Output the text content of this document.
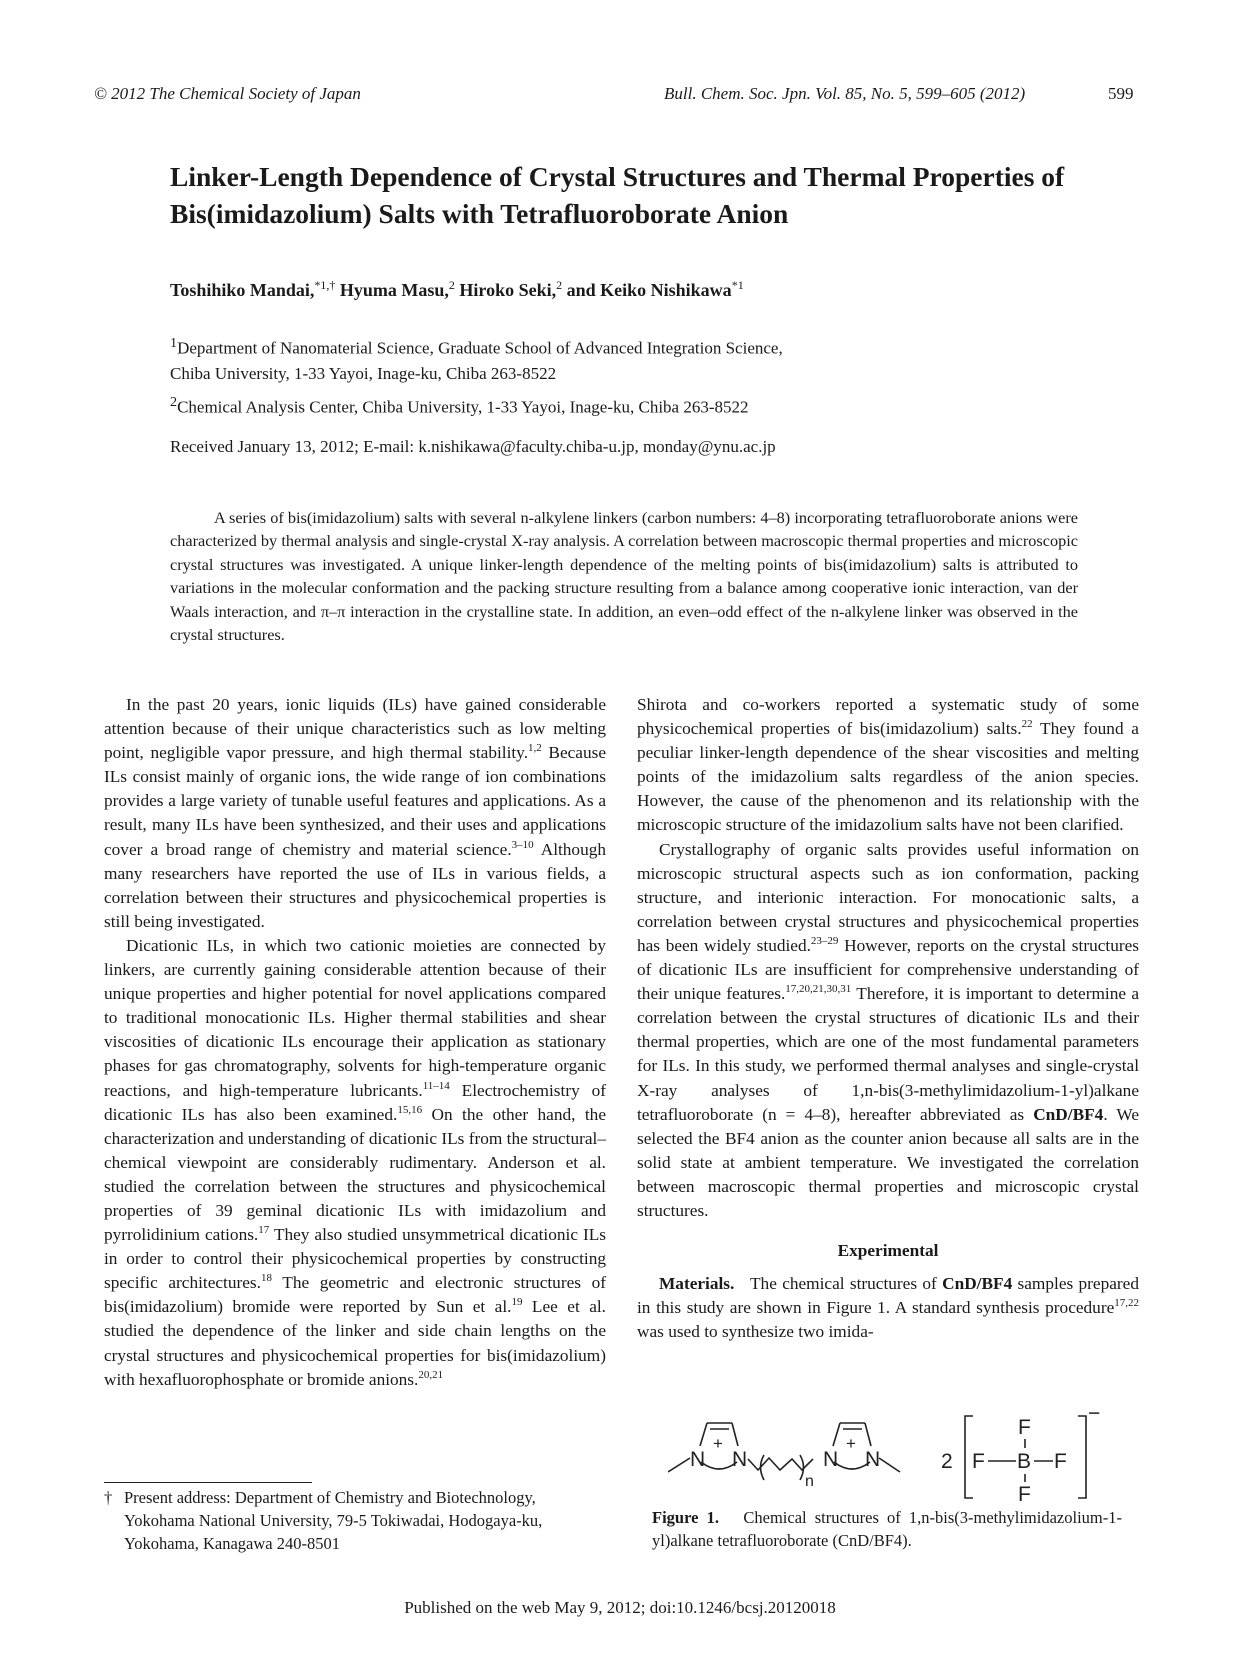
© 2012 The Chemical Society of Japan	Bull. Chem. Soc. Jpn. Vol. 85, No. 5, 599–605 (2012)	599
Linker-Length Dependence of Crystal Structures and Thermal Properties of Bis(imidazolium) Salts with Tetrafluoroborate Anion
Toshihiko Mandai,$^{*1,\dagger}$ Hyuma Masu,$^2$ Hiroko Seki,$^2$ and Keiko Nishikawa$^{*1}$
$^1$Department of Nanomaterial Science, Graduate School of Advanced Integration Science,
Chiba University, 1-33 Yayoi, Inage-ku, Chiba 263-8522
$^2$Chemical Analysis Center, Chiba University, 1-33 Yayoi, Inage-ku, Chiba 263-8522
Received January 13, 2012; E-mail: k.nishikawa@faculty.chiba-u.jp, monday@ynu.ac.jp
A series of bis(imidazolium) salts with several n-alkylene linkers (carbon numbers: 4–8) incorporating tetrafluoroborate anions were characterized by thermal analysis and single-crystal X-ray analysis. A correlation between macroscopic thermal properties and microscopic crystal structures was investigated. A unique linker-length dependence of the melting points of bis(imidazolium) salts is attributed to variations in the molecular conformation and the packing structure resulting from a balance among cooperative ionic interaction, van der Waals interaction, and π–π interaction in the crystalline state. In addition, an even–odd effect of the n-alkylene linker was observed in the crystal structures.

In the past 20 years, ionic liquids (ILs) have gained considerable attention because of their unique characteristics such as low melting point, negligible vapor pressure, and high thermal stability.$^{1,2}$ Because ILs consist mainly of organic ions, the wide range of ion combinations provides a large variety of tunable useful features and applications. As a result, many ILs have been synthesized, and their uses and applications cover a broad range of chemistry and material science.$^{3-10}$ Although many researchers have reported the use of ILs in various fields, a correlation between their structures and physicochemical properties is still being investigated.

Dicationic ILs, in which two cationic moieties are connected by linkers, are currently gaining considerable attention because of their unique properties and higher potential for novel applications compared to traditional monocationic ILs. Higher thermal stabilities and shear viscosities of dicationic ILs encourage their application as stationary phases for gas chromatography, solvents for high-temperature organic reactions, and high-temperature lubricants.$^{11-14}$ Electrochemistry of dicationic ILs has also been examined.$^{15,16}$ On the other hand, the characterization and understanding of dicationic ILs from the structural–chemical viewpoint are considerably rudimentary. Anderson et al. studied the correlation between the structures and physicochemical properties of 39 geminal dicationic ILs with imidazolium and pyrrolidinium cations.$^{17}$ They also studied unsymmetrical dicationic ILs in order to control their physicochemical properties by constructing specific architectures.$^{18}$ The geometric and electronic structures of bis(imidazolium) bromide were reported by Sun et al.$^{19}$ Lee et al. studied the dependence of the linker and side chain lengths on the crystal structures and physicochemical properties for bis(imidazolium) with hexafluorophosphate or bromide anions.$^{20,21}$

Shirota and co-workers reported a systematic study of some physicochemical properties of bis(imidazolium) salts.$^{22}$ They found a peculiar linker-length dependence of the shear viscosities and melting points of the imidazolium salts regardless of the anion species. However, the cause of the phenomenon and its relationship with the microscopic structure of the imidazolium salts have not been clarified.

Crystallography of organic salts provides useful information on microscopic structural aspects such as ion conformation, packing structure, and interionic interaction. For monocationic salts, a correlation between crystal structures and physicochemical properties has been widely studied.$^{23-29}$ However, reports on the crystal structures of dicationic ILs are insufficient for comprehensive understanding of their unique features.$^{17,20,21,30,31}$ Therefore, it is important to determine a correlation between the crystal structures of dicationic ILs and their thermal properties, which are one of the most fundamental parameters for ILs. In this study, we performed thermal analyses and single-crystal X-ray analyses of 1,n-bis(3-methylimidazolium-1-yl)alkane tetrafluoroborate (n = 4–8), hereafter abbreviated as CnD/BF4. We selected the BF4 anion as the counter anion because all salts are in the solid state at ambient temperature. We investigated the correlation between macroscopic thermal properties and microscopic crystal structures.

Experimental

Materials. The chemical structures of CnD/BF4 samples prepared in this study are shown in Figure 1. A standard synthesis procedure$^{17,22}$ was used to synthesize two imida-

N N
+
n
N N
+
2
F
F B F
F
−
Figure 1. Chemical structures of 1,n-bis(3-methylimidazolium-1-yl)alkane tetrafluoroborate (CnD/BF4).
† Present address: Department of Chemistry and Biotechnology,
Yokohama National University, 79-5 Tokiwadai, Hodogaya-ku,
Yokohama, Kanagawa 240-8501
Published on the web May 9, 2012; doi:10.1246/bcsj.20120018
